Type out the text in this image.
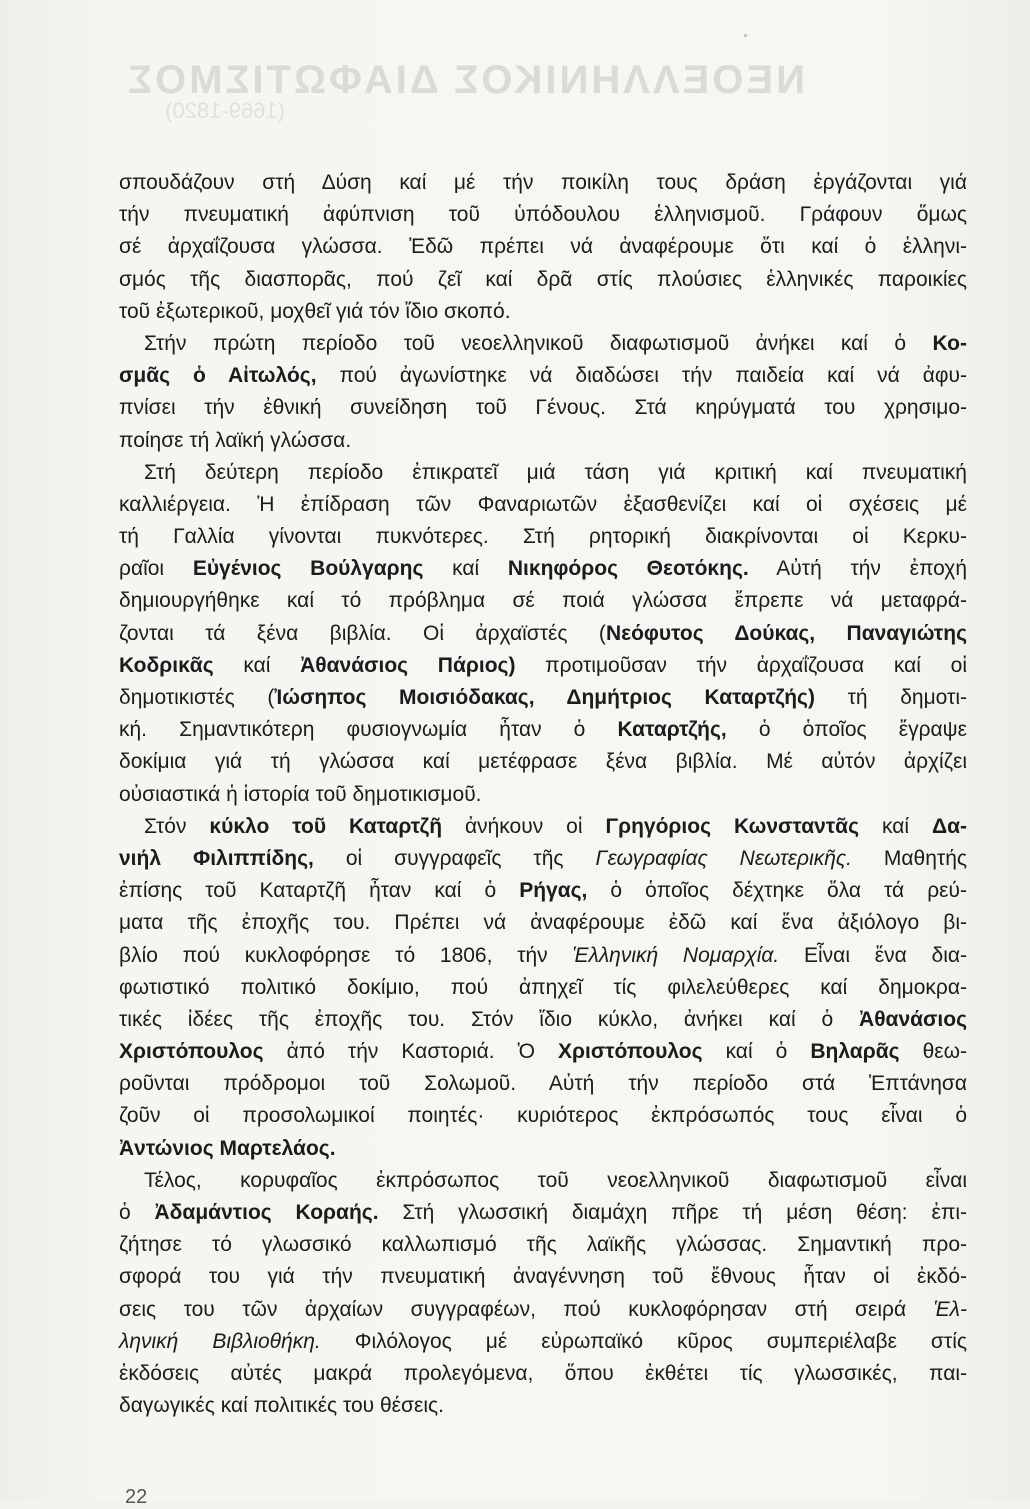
ΝΕΟΕΛΛΗΝΙΚΟΣ ΔΙΑΦΩΤΙΣΜΟΣ
(1669-1820)
σπουδάζουν στή Δύση καί μέ τήν ποικίλη τους δράση ἐργάζονται γιά
τήν πνευματική ἀφύπνιση τοῦ ὑπόδουλου ἑλληνισμοῦ. Γράφουν ὅμως
σέ ἀρχαΐζουσα γλώσσα. Ἐδῶ πρέπει νά ἀναφέρουμε ὅτι καί ὁ ἑλληνι-
σμός τῆς διασπορᾶς, πού ζεῖ καί δρᾶ στίς πλούσιες ἑλληνικές παροικίες
τοῦ ἐξωτερικοῦ, μοχθεῖ γιά τόν ἴδιο σκοπό.
Στήν πρώτη περίοδο τοῦ νεοελληνικοῦ διαφωτισμοῦ ἀνήκει καί ὁ Κο-
σμᾶς ὁ Αἰτωλός, πού ἀγωνίστηκε νά διαδώσει τήν παιδεία καί νά ἀφυ-
πνίσει τήν ἐθνική συνείδηση τοῦ Γένους. Στά κηρύγματά του χρησιμο-
ποίησε τή λαϊκή γλώσσα.
Στή δεύτερη περίοδο ἐπικρατεῖ μιά τάση γιά κριτική καί πνευματική
καλλιέργεια. Ἡ ἐπίδραση τῶν Φαναριωτῶν ἐξασθενίζει καί οἱ σχέσεις μέ
τή Γαλλία γίνονται πυκνότερες. Στή ρητορική διακρίνονται οἱ Κερκυ-
ραῖοι Εὐγένιος Βούλγαρης καί Νικηφόρος Θεοτόκης. Αὐτή τήν ἐποχή
δημιουργήθηκε καί τό πρόβλημα σέ ποιά γλώσσα ἔπρεπε νά μεταφρά-
ζονται τά ξένα βιβλία. Οἱ ἀρχαϊστές (Νεόφυτος Δούκας, Παναγιώτης
Κοδρικᾶς καί Ἀθανάσιος Πάριος) προτιμοῦσαν τήν ἀρχαΐζουσα καί οἱ
δημοτικιστές (Ἰώσηπος Μοισιόδακας, Δημήτριος Καταρτζής) τή δημοτι-
κή. Σημαντικότερη φυσιογνωμία ἦταν ὁ Καταρτζής, ὁ ὁποῖος ἔγραψε
δοκίμια γιά τή γλώσσα καί μετέφρασε ξένα βιβλία. Μέ αὐτόν ἀρχίζει
οὐσιαστικά ἡ ἱστορία τοῦ δημοτικισμοῦ.
Στόν κύκλο τοῦ Καταρτζῆ ἀνήκουν οἱ Γρηγόριος Κωνσταντᾶς καί Δα-
νιήλ Φιλιππίδης, οἱ συγγραφεῖς τῆς Γεωγραφίας Νεωτερικῆς. Μαθητής
ἐπίσης τοῦ Καταρτζῆ ἦταν καί ὁ Ρήγας, ὁ ὁποῖος δέχτηκε ὅλα τά ρεύ-
ματα τῆς ἐποχῆς του. Πρέπει νά ἀναφέρουμε ἐδῶ καί ἕνα ἀξιόλογο βι-
βλίο πού κυκλοφόρησε τό 1806, τήν Ἑλληνική Νομαρχία. Εἶναι ἕνα δια-
φωτιστικό πολιτικό δοκίμιο, πού ἀπηχεῖ τίς φιλελεύθερες καί δημοκρα-
τικές ἰδέες τῆς ἐποχῆς του. Στόν ἴδιο κύκλο, ἀνήκει καί ὁ Ἀθανάσιος
Χριστόπουλος ἀπό τήν Καστοριά. Ὁ Χριστόπουλος καί ὁ Βηλαρᾶς θεω-
ροῦνται πρόδρομοι τοῦ Σολωμοῦ. Αὐτή τήν περίοδο στά Ἑπτάνησα
ζοῦν οἱ προσολωμικοί ποιητές· κυριότερος ἐκπρόσωπός τους εἶναι ὁ
Ἀντώνιος Μαρτελάος.
Τέλος, κορυφαῖος ἐκπρόσωπος τοῦ νεοελληνικοῦ διαφωτισμοῦ εἶναι
ὁ Ἀδαμάντιος Κοραής. Στή γλωσσική διαμάχη πῆρε τή μέση θέση: ἐπι-
ζήτησε τό γλωσσικό καλλωπισμό τῆς λαϊκῆς γλώσσας. Σημαντική προ-
σφορά του γιά τήν πνευματική ἀναγέννηση τοῦ ἔθνους ἦταν οἱ ἐκδό-
σεις του τῶν ἀρχαίων συγγραφέων, πού κυκλοφόρησαν στή σειρά Ἑλ-
ληνική Βιβλιοθήκη. Φιλόλογος μέ εὐρωπαϊκό κῦρος συμπεριέλαβε στίς
ἐκδόσεις αὐτές μακρά προλεγόμενα, ὅπου ἐκθέτει τίς γλωσσικές, παι-
δαγωγικές καί πολιτικές του θέσεις.
22
